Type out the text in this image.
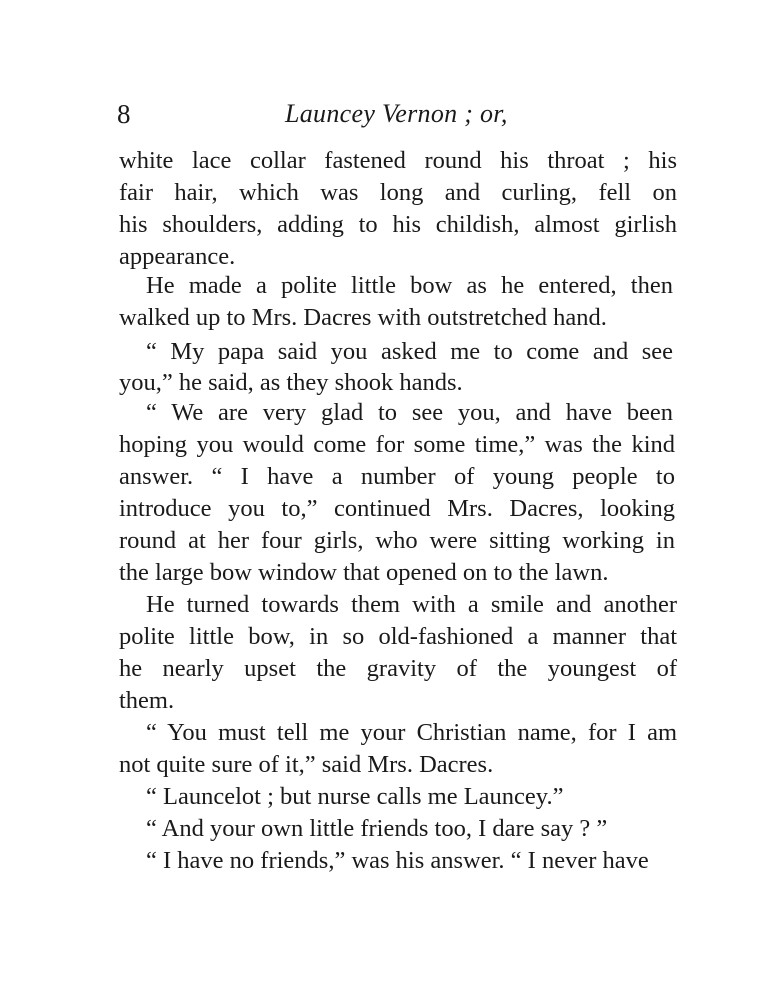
8	Launcey Vernon ; or,
white lace collar fastened round his throat ; his
fair hair, which was long and curling, fell on
his shoulders, adding to his childish, almost girlish
appearance.
He made a polite little bow as he entered, then
walked up to Mrs. Dacres with outstretched hand.
“ My papa said you asked me to come and see
you,” he said, as they shook hands.
“ We are very glad to see you, and have been
hoping you would come for some time,” was the kind
answer. “ I have a number of young people to
introduce you to,” continued Mrs. Dacres, looking
round at her four girls, who were sitting working in
the large bow window that opened on to the lawn.
He turned towards them with a smile and another
polite little bow, in so old-fashioned a manner that
he nearly upset the gravity of the youngest of
them.
“ You must tell me your Christian name, for I am
not quite sure of it,” said Mrs. Dacres.
“ Launcelot ; but nurse calls me Launcey.”
“ And your own little friends too, I dare say ? ”
“ I have no friends,” was his answer. “ I never have
